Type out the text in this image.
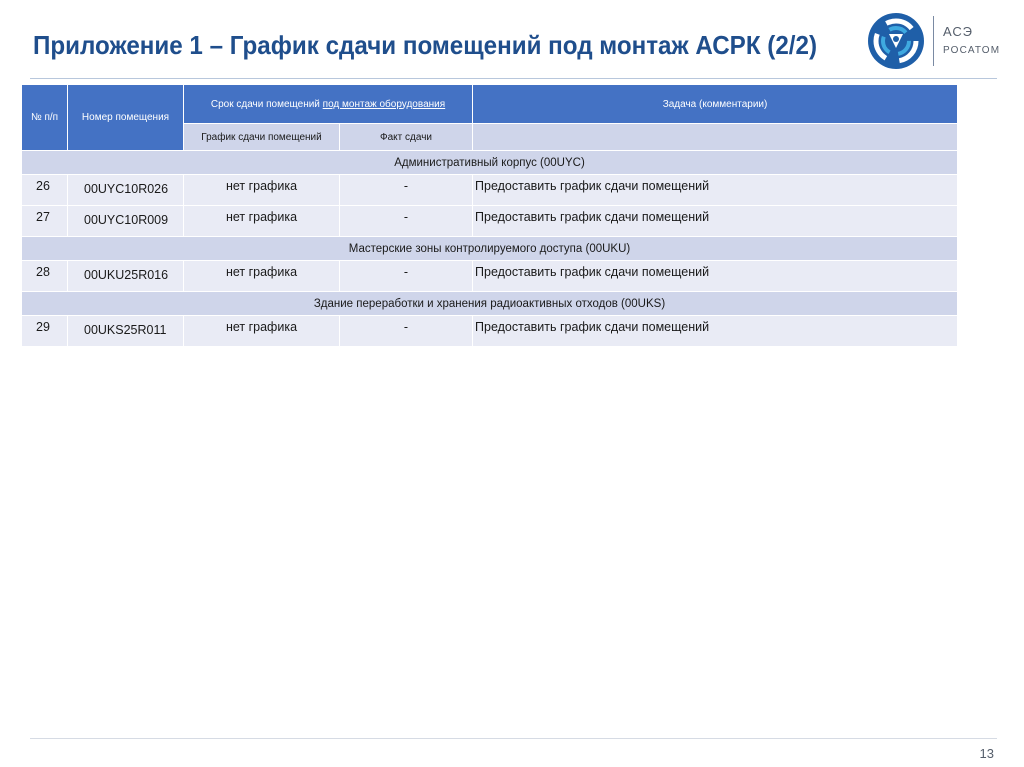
Приложение 1 – График сдачи помещений под монтаж АСРК (2/2)	АСЭ
РОСАТОМ
№ п/п	Номер помещения	Срок сдачи помещений под монтаж оборудования		Задача (комментарии)
		График сдачи помещений	Факт сдачи	
Административный корпус (00UYC)				
26	00UYC10R026	нет графика	-	Предоставить график сдачи помещений
27	00UYC10R009	нет графика	-	Предоставить график сдачи помещений
Мастерские зоны контролируемого доступа (00UKU)				
28	00UKU25R016	нет графика	-	Предоставить график сдачи помещений
Здание переработки и хранения радиоактивных отходов (00UKS)				
29	00UKS25R011	нет графика	-	Предоставить график сдачи помещений
13
